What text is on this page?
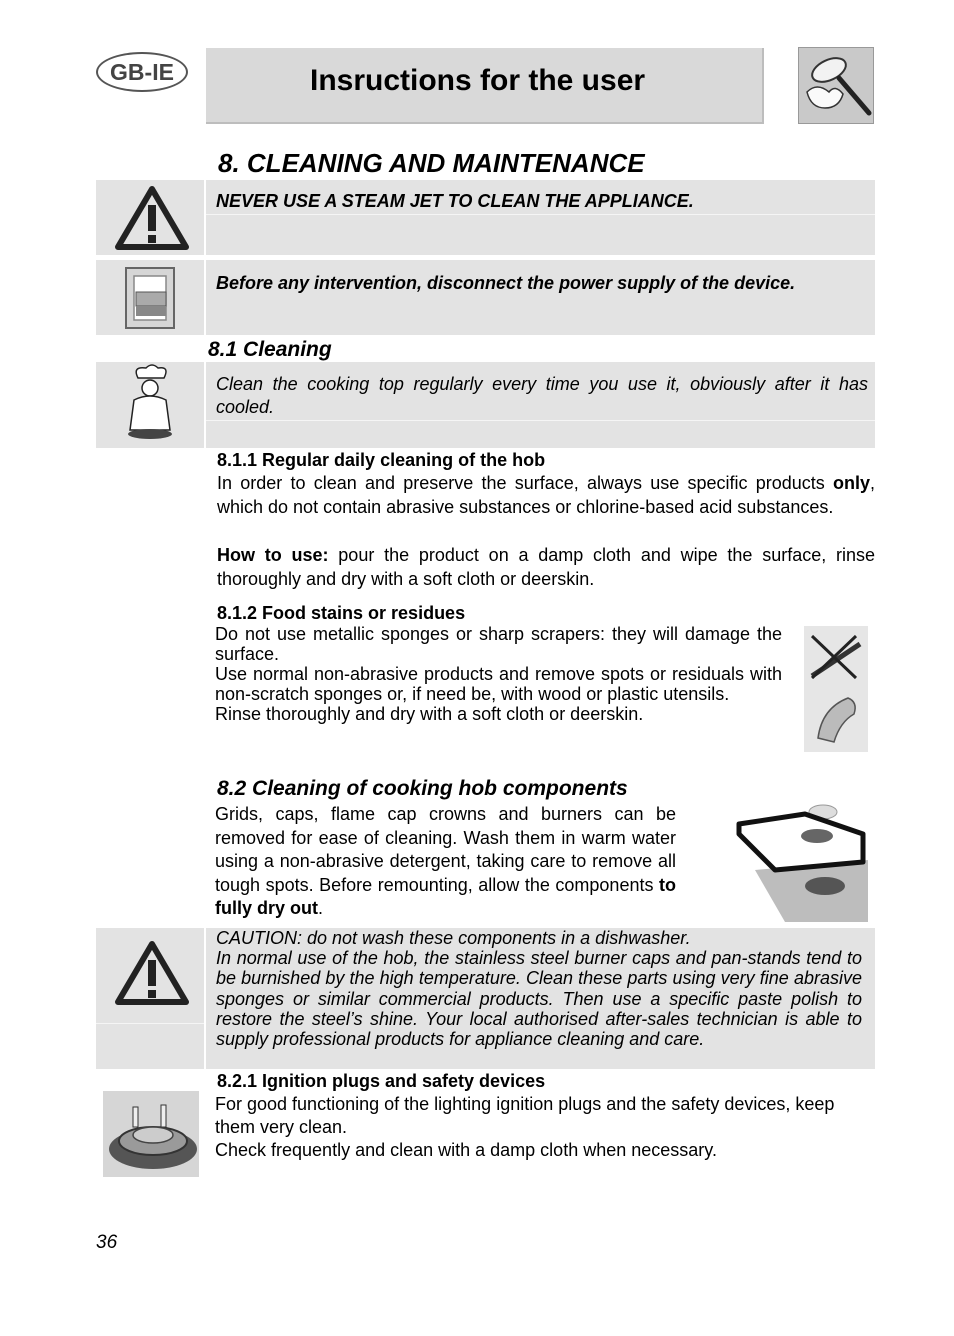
GB-IE	Insructions for the user
8. CLEANING AND MAINTENANCE
NEVER USE A STEAM JET TO CLEAN THE APPLIANCE.
Before any intervention, disconnect the power supply of the device.
8.1 Cleaning
Clean the cooking top regularly every time you use it, obviously after it has cooled.
8.1.1 Regular daily cleaning of the hob
In order to clean and preserve the surface, always use specific products only, which do not contain abrasive substances or chlorine-based acid substances.
How to use: pour the product on a damp cloth and wipe the surface, rinse thoroughly and dry with a soft cloth or deerskin.
8.1.2 Food stains or residues
Do not use metallic sponges or sharp scrapers: they will damage the surface.
Use normal non-abrasive products and remove spots or residuals with non-scratch sponges or, if need be, with wood or plastic utensils.
Rinse thoroughly and dry with a soft cloth or deerskin.
8.2 Cleaning of cooking hob components
Grids, caps, flame cap crowns and burners can be removed for ease of cleaning. Wash them in warm water using a non-abrasive detergent, taking care to remove all tough spots. Before remounting, allow the components to fully dry out.
CAUTION: do not wash these components in a dishwasher.
In normal use of the hob, the stainless steel burner caps and pan-stands tend to be burnished by the high temperature. Clean these parts using very fine abrasive sponges or similar commercial products. Then use a specific paste polish to restore the steel’s shine. Your local authorised after-sales technician is able to supply professional products for appliance cleaning and care.
8.2.1 Ignition plugs and safety devices
For good functioning of the lighting ignition plugs and the safety devices, keep them very clean.
Check frequently and clean with a damp cloth when necessary.
36
